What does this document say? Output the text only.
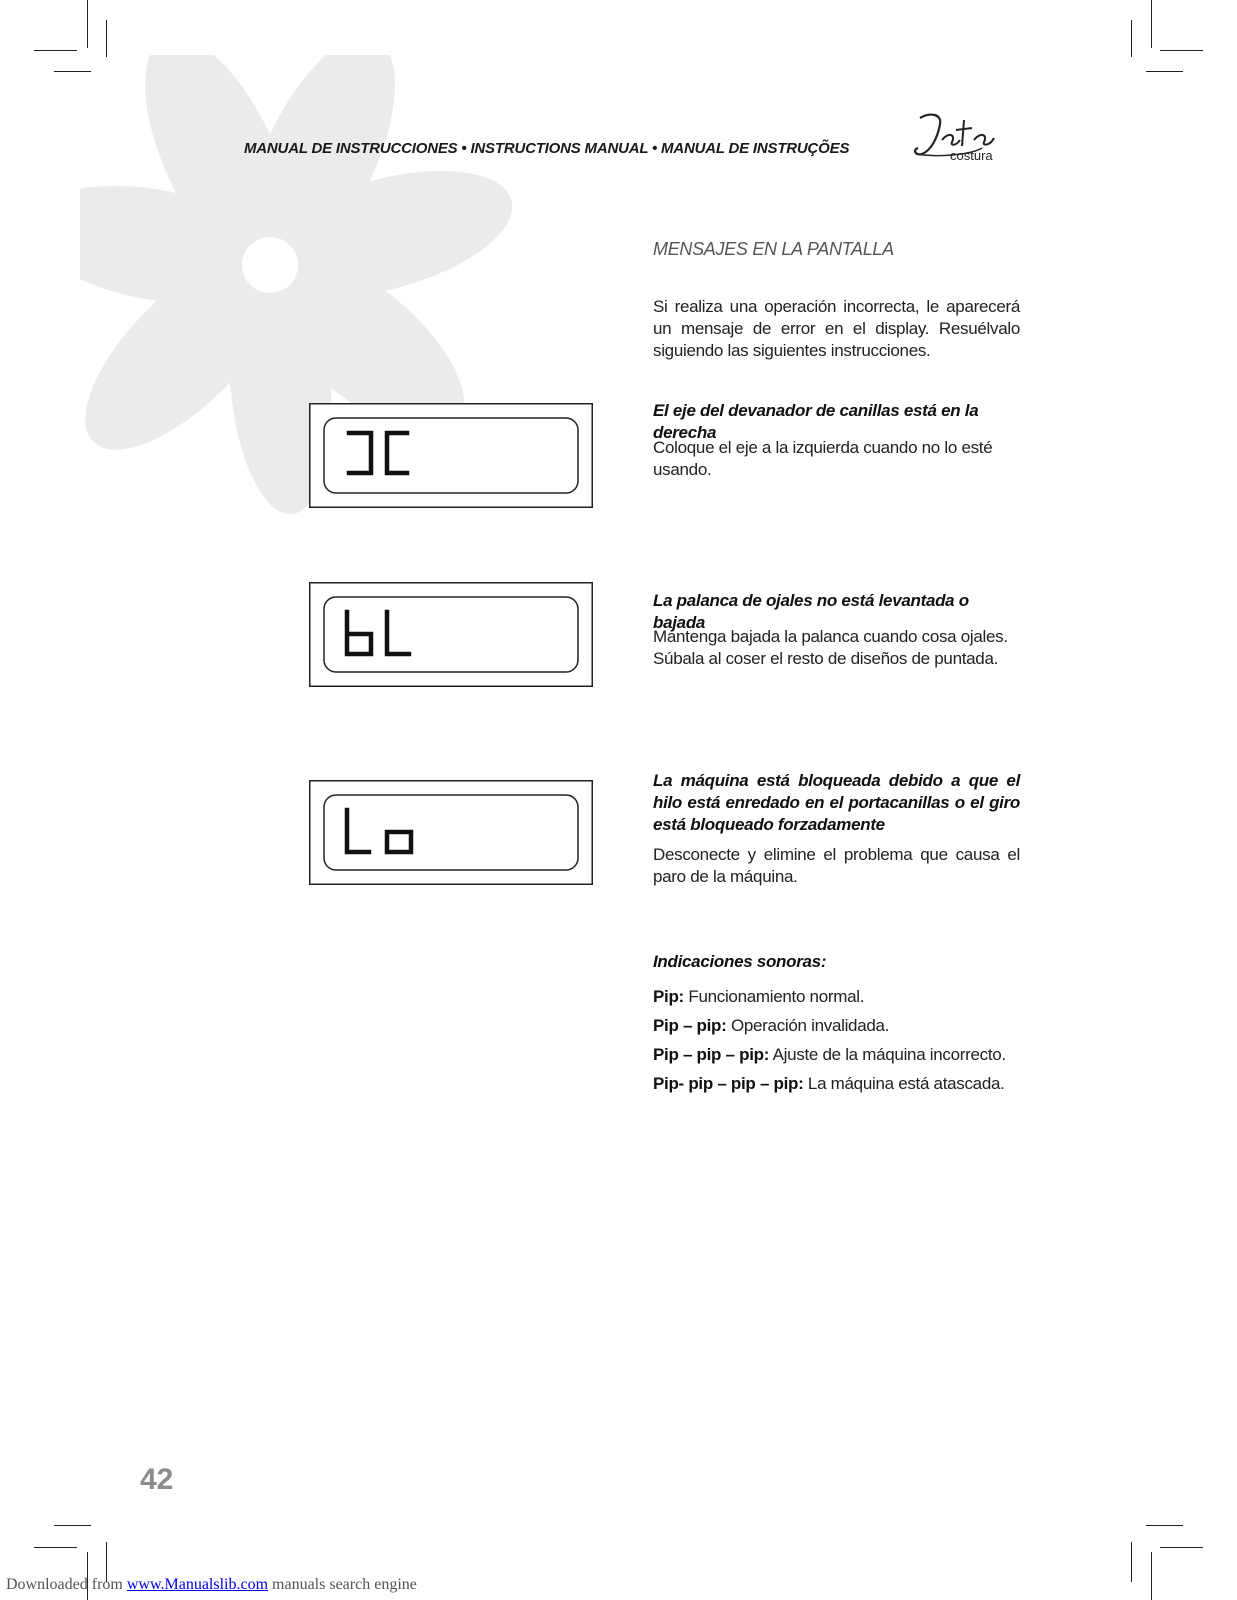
MANUAL DE INSTRUCCIONES • INSTRUCTIONS MANUAL • MANUAL DE INSTRUÇÕES	costura
MENSAJES EN LA PANTALLA
Si realiza una operación incorrecta, le aparecerá un mensaje de error en el display. Resuélvalo siguiendo las siguientes instrucciones.
El eje del devanador de canillas está en la derecha
Coloque el eje a la izquierda cuando no lo esté usando.
La palanca de ojales no está levantada o bajada
Mantenga bajada la palanca cuando cosa ojales.
Súbala al coser el resto de diseños de puntada.
La máquina está bloqueada debido a que el hilo está enredado en el portacanillas o el giro está bloqueado forzadamente
Desconecte y elimine el problema que causa el paro de la máquina.
Indicaciones sonoras:
Pip: Funcionamiento normal.
Pip – pip: Operación invalidada.
Pip – pip – pip: Ajuste de la máquina incorrecto.
Pip- pip – pip – pip: La máquina está atascada.
42
Downloaded from www.Manualslib.com manuals search engine
